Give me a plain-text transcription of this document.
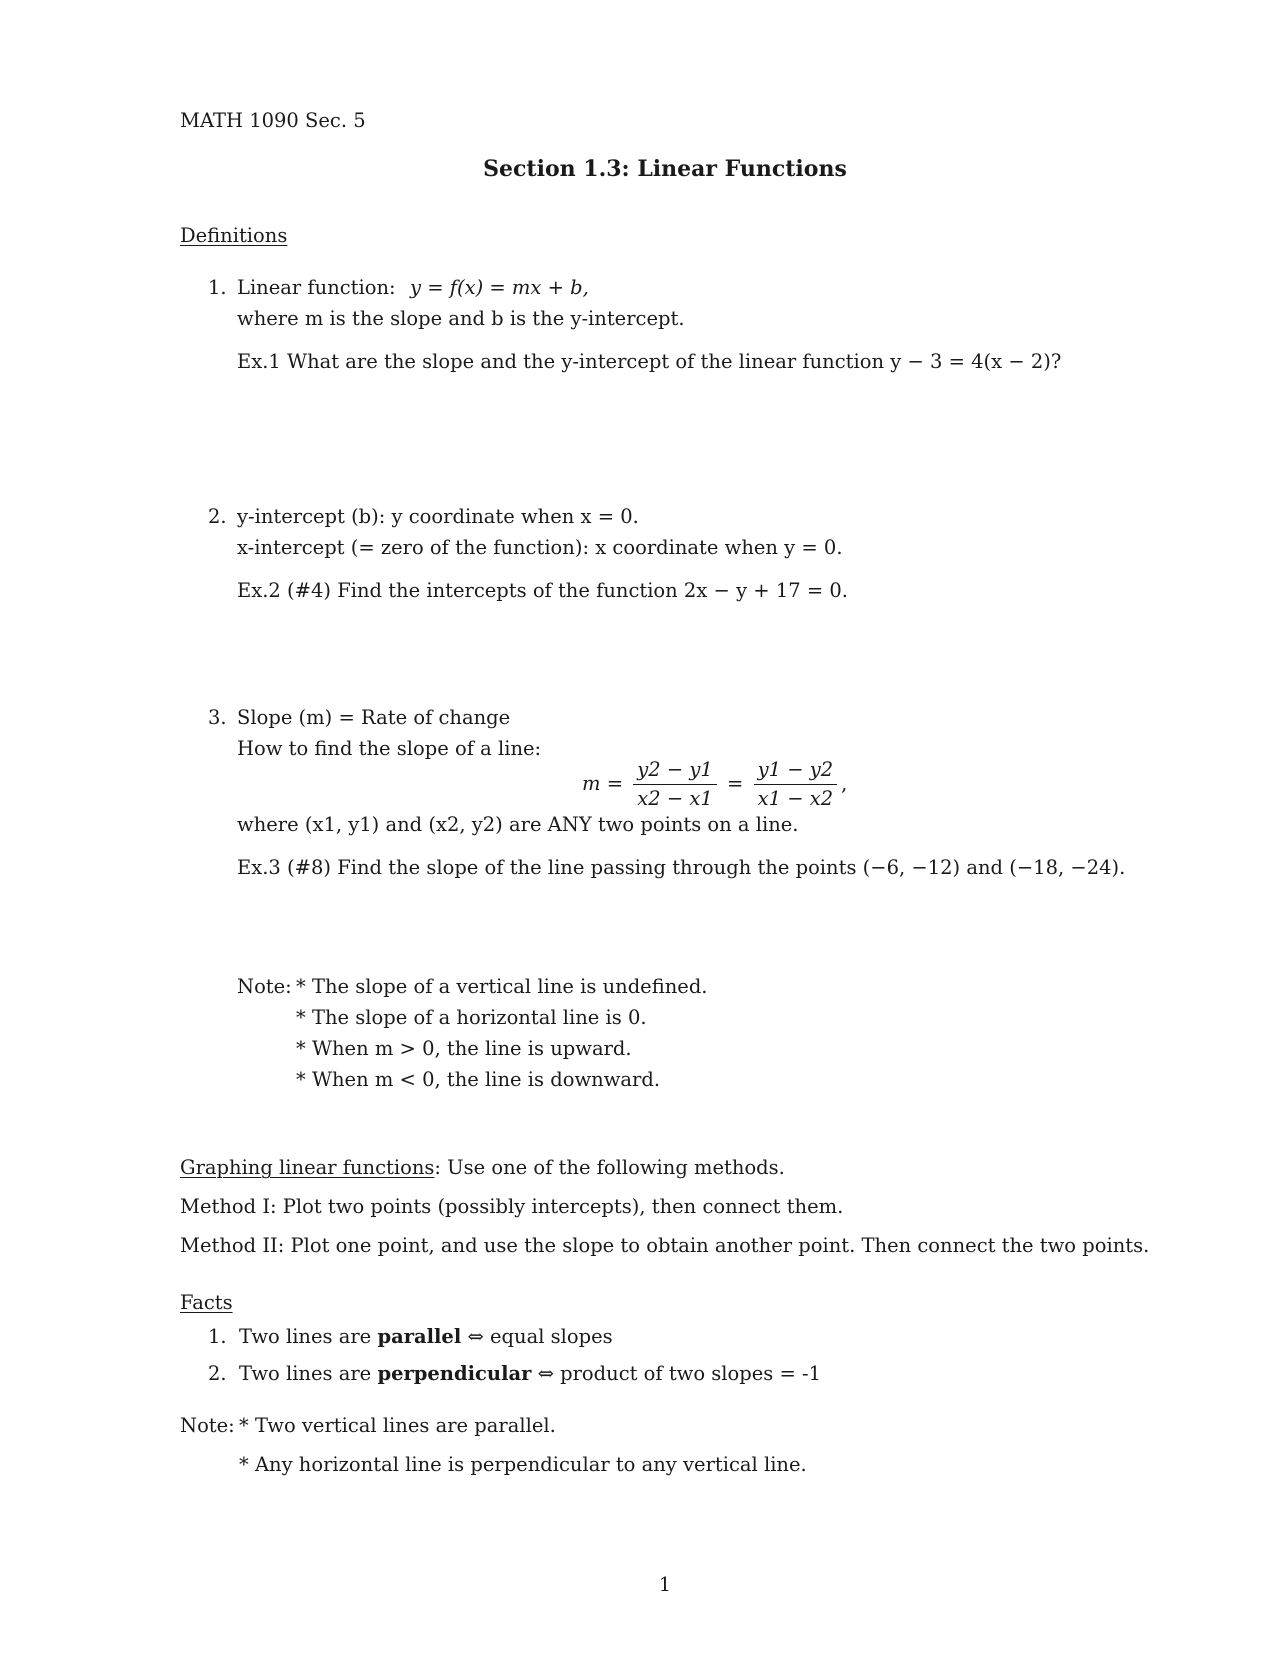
MATH 1090 Sec. 5
Section 1.3: Linear Functions
Definitions
1. Linear function: y = f(x) = mx + b,
where m is the slope and b is the y-intercept.
Ex.1 What are the slope and the y-intercept of the linear function y − 3 = 4(x − 2)?
2. y-intercept (b): y coordinate when x = 0.
x-intercept (= zero of the function): x coordinate when y = 0.
Ex.2 (#4) Find the intercepts of the function 2x − y + 17 = 0.
3. Slope (m) = Rate of change
How to find the slope of a line:
$m = \frac{y2 - y1}{x2 - x1} = \frac{y1 - y2}{x1 - x2}$ ,
where (x1, y1) and (x2, y2) are ANY two points on a line.
Ex.3 (#8) Find the slope of the line passing through the points (−6, −12) and (−18, −24).
Note: * The slope of a vertical line is undefined.
* The slope of a horizontal line is 0.
* When m > 0, the line is upward.
* When m < 0, the line is downward.
Graphing linear functions: Use one of the following methods.
Method I: Plot two points (possibly intercepts), then connect them.
Method II: Plot one point, and use the slope to obtain another point. Then connect the two points.
Facts
1. Two lines are parallel ⇔ equal slopes
2. Two lines are perpendicular ⇔ product of two slopes = -1
Note: * Two vertical lines are parallel.
* Any horizontal line is perpendicular to any vertical line.
1
